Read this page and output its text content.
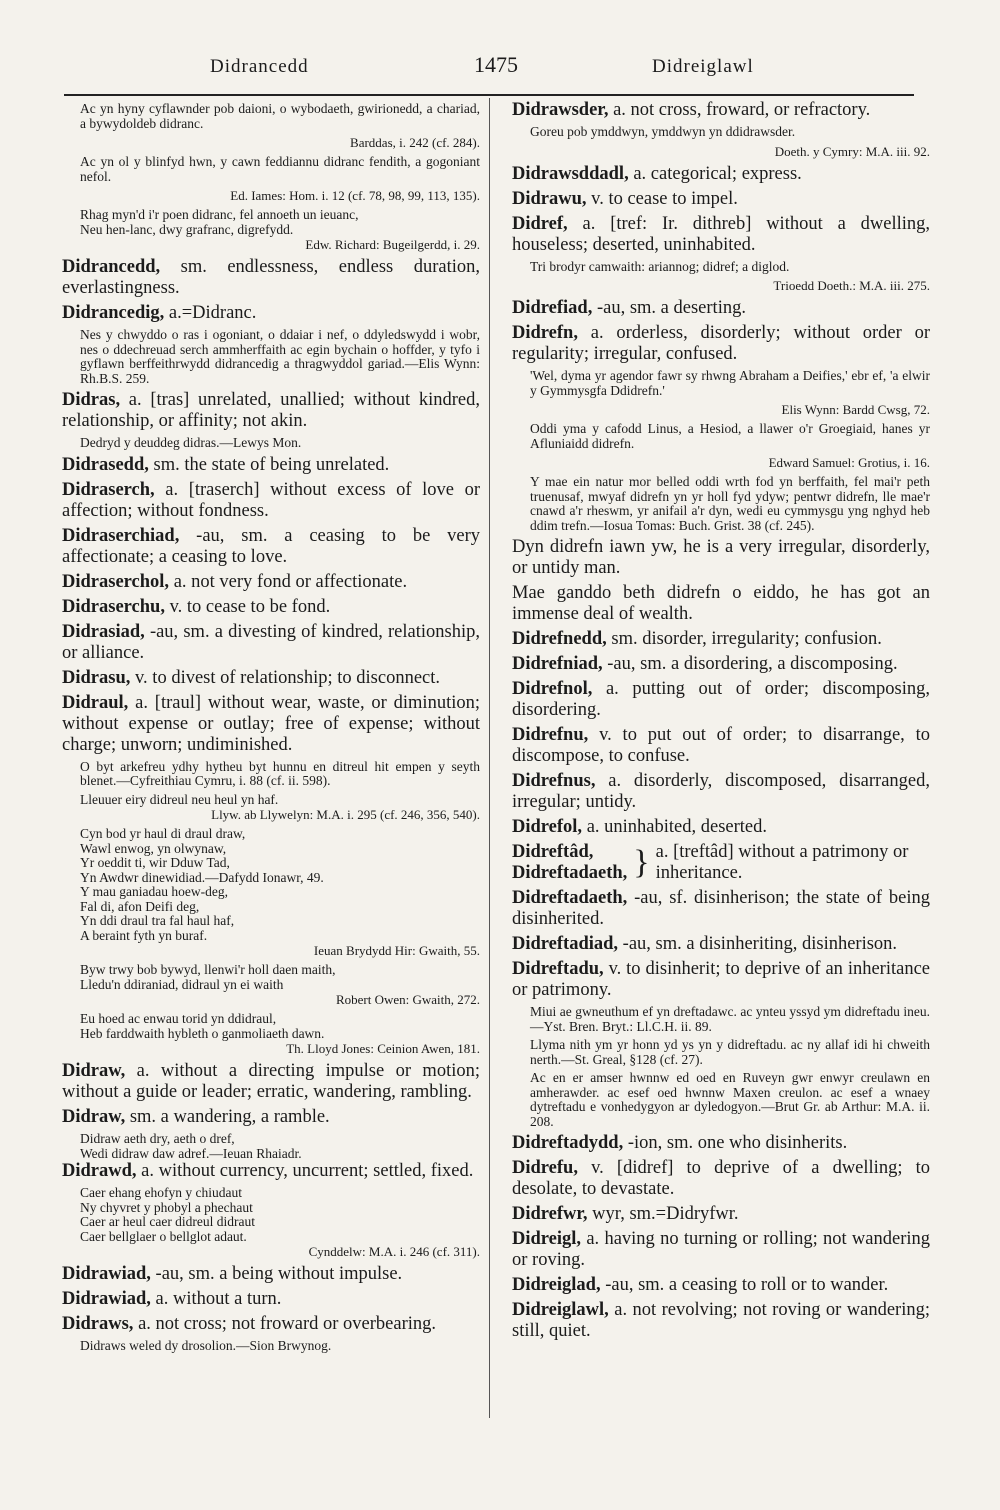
Didrancedd	1475	Didreiglawl
Ac yn hyny cyflawnder pob daioni, o wybodaeth, gwirionedd, a chariad, a bywydoldeb didranc.
Barddas, i. 242 (cf. 284).
Ac yn ol y blinfyd hwn, y cawn feddiannu didranc fendith, a gogoniant nefol.
Ed. Iames: Hom. i. 12 (cf. 78, 98, 99, 113, 135).
Rhag myn'd i'r poen didranc, fel annoeth un ieuanc,
Neu hen-lanc, dwy grafranc, digrefydd.
Edw. Richard: Bugeilgerdd, i. 29.
Didrancedd, sm. endlessness, endless duration, everlastingness.
Didrancedig, a.=Didranc.
Nes y chwyddo o ras i ogoniant, o ddaiar i nef, o ddyledswydd i wobr, nes o ddechreuad serch ammherffaith ac egin bychain o hoffder, y tyfo i gyflawn berffeithrwydd didrancedig a thragwyddol gariad.—Elis Wynn: Rh.B.S. 259.
Didras, a. [tras] unrelated, unallied; without kindred, relationship, or affinity; not akin.
Dedryd y deuddeg didras.—Lewys Mon.
Didrasedd, sm. the state of being unrelated.
Didraserch, a. [traserch] without excess of love or affection; without fondness.
Didraserchiad, -au, sm. a ceasing to be very affectionate; a ceasing to love.
Didraserchol, a. not very fond or affectionate.
Didraserchu, v. to cease to be fond.
Didrasiad, -au, sm. a divesting of kindred, relationship, or alliance.
Didrasu, v. to divest of relationship; to disconnect.
Didraul, a. [traul] without wear, waste, or diminution; without expense or outlay; free of expense; without charge; unworn; undiminished.
O byt arkefreu ydhy hytheu byt hunnu en ditreul hit empen y seyth blenet.—Cyfreithiau Cymru, i. 88 (cf. ii. 598).
Lleuuer eiry didreul neu heul yn haf.
Llyw. ab Llywelyn: M.A. i. 295 (cf. 246, 356, 540).
Cyn bod yr haul di draul draw,
Wawl enwog, yn olwynaw,
Yr oeddit ti, wir Dduw Tad,
Yn Awdwr dinewidiad.—Dafydd Ionawr, 49.
Y mau ganiadau hoew-deg,
Fal di, afon Deifi deg,
Yn ddi draul tra fal haul haf,
A beraint fyth yn buraf.
Ieuan Brydydd Hir: Gwaith, 55.
Byw trwy bob bywyd, llenwi'r holl daen maith,
Lledu'n ddiraniad, didraul yn ei waith
Robert Owen: Gwaith, 272.
Eu hoed ac enwau torid yn ddidraul,
Heb farddwaith hybleth o ganmoliaeth dawn.
Th. Lloyd Jones: Ceinion Awen, 181.
Didraw, a. without a directing impulse or motion; without a guide or leader; erratic, wandering, rambling.
Didraw, sm. a wandering, a ramble.
Didraw aeth dry, aeth o dref,
Wedi didraw daw adref.—Ieuan Rhaiadr.
Didrawd, a. without currency, uncurrent; settled, fixed.
Caer ehang ehofyn y chiudaut
Ny chyvret y phobyl a phechaut
Caer ar heul caer didreul didraut
Caer bellglaer o bellglot adaut.
Cynddelw: M.A. i. 246 (cf. 311).
Didrawiad, -au, sm. a being without impulse.
Didrawiad, a. without a turn.
Didraws, a. not cross; not froward or overbearing.
Didraws weled dy drosolion.—Sion Brwynog.
Didrawsder, a. not cross, froward, or refractory.
Goreu pob ymddwyn, ymddwyn yn ddidrawsder.
Doeth. y Cymry: M.A. iii. 92.
Didrawsddadl, a. categorical; express.
Didrawu, v. to cease to impel.
Didref, a. [tref: Ir. dithreb] without a dwelling, houseless; deserted, uninhabited.
Tri brodyr camwaith: ariannog; didref; a diglod.
Trioedd Doeth.: M.A. iii. 275.
Didrefiad, -au, sm. a deserting.
Didrefn, a. orderless, disorderly; without order or regularity; irregular, confused.
'Wel, dyma yr agendor fawr sy rhwng Abraham a Deifies,' ebr ef, 'a elwir y Gymmysgfa Ddidrefn.'
Elis Wynn: Bardd Cwsg, 72.
Oddi yma y cafodd Linus, a Hesiod, a llawer o'r Groegiaid, hanes yr Afluniaidd didrefn.
Edward Samuel: Grotius, i. 16.
Y mae ein natur mor belled oddi wrth fod yn berffaith, fel mai'r peth truenusaf, mwyaf didrefn yn yr holl fyd ydyw; pentwr didrefn, lle mae'r cnawd a'r rheswm, yr anifail a'r dyn, wedi eu cymmysgu yng nghyd heb ddim trefn.—Iosua Tomas: Buch. Grist. 38 (cf. 245).
Dyn didrefn iawn yw, he is a very irregular, disorderly, or untidy man.
Mae ganddo beth didrefn o eiddo, he has got an immense deal of wealth.
Didrefnedd, sm. disorder, irregularity; confusion.
Didrefniad, -au, sm. a disordering, a discomposing.
Didrefnol, a. putting out of order; discomposing, disordering.
Didrefnu, v. to put out of order; to disarrange, to discompose, to confuse.
Didrefnus, a. disorderly, discomposed, disarranged, irregular; untidy.
Didrefol, a. uninhabited, deserted.
Didreftâd,
Didreftadaeth, } a. [treftâd] without a patrimony or inheritance.
Didreftadaeth, -au, sf. disinherison; the state of being disinherited.
Didreftadiad, -au, sm. a disinheriting, disinherison.
Didreftadu, v. to disinherit; to deprive of an inheritance or patrimony.
Miui ae gwneuthum ef yn dreftadawc. ac ynteu yssyd ym didreftadu ineu.—Yst. Bren. Bryt.: Ll.C.H. ii. 89.
Llyma nith ym yr honn yd ys yn y didreftadu. ac ny allaf idi hi chweith nerth.—St. Greal, §128 (cf. 27).
Ac en er amser hwnnw ed oed en Ruveyn gwr enwyr creulawn en amherawder. ac esef oed hwnnw Maxen creulon. ac esef a wnaey dytreftadu e vonhedygyon ar dyledogyon.—Brut Gr. ab Arthur: M.A. ii. 208.
Didreftadydd, -ion, sm. one who disinherits.
Didrefu, v. [didref] to deprive of a dwelling; to desolate, to devastate.
Didrefwr, wyr, sm.=Didryfwr.
Didreigl, a. having no turning or rolling; not wandering or roving.
Didreiglad, -au, sm. a ceasing to roll or to wander.
Didreiglawl, a. not revolving; not roving or wandering; still, quiet.
